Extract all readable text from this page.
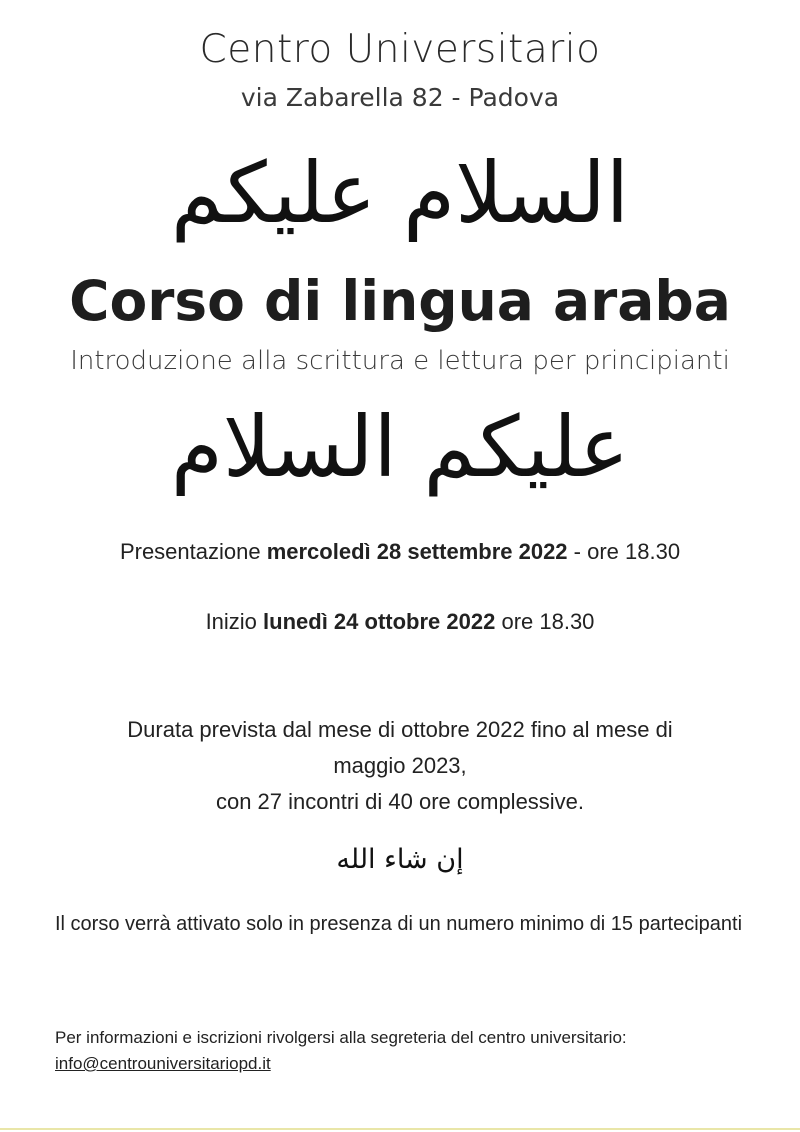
Centro Universitario
via Zabarella 82 - Padova
السلام عليكم
Corso di lingua araba
Introduzione alla scrittura e lettura per principianti
عليكم السلام
Presentazione mercoledì 28 settembre 2022 - ore 18.30
Inizio lunedì 24 ottobre 2022 ore 18.30
Durata prevista dal mese di ottobre 2022 fino al mese di
maggio 2023,
con 27 incontri di 40 ore complessive.
إن شاء الله
Il corso verrà attivato solo in presenza di un numero minimo di 15 partecipanti
Per informazioni e iscrizioni rivolgersi alla segreteria del centro universitario:
info@centrouniversitariopd.it
